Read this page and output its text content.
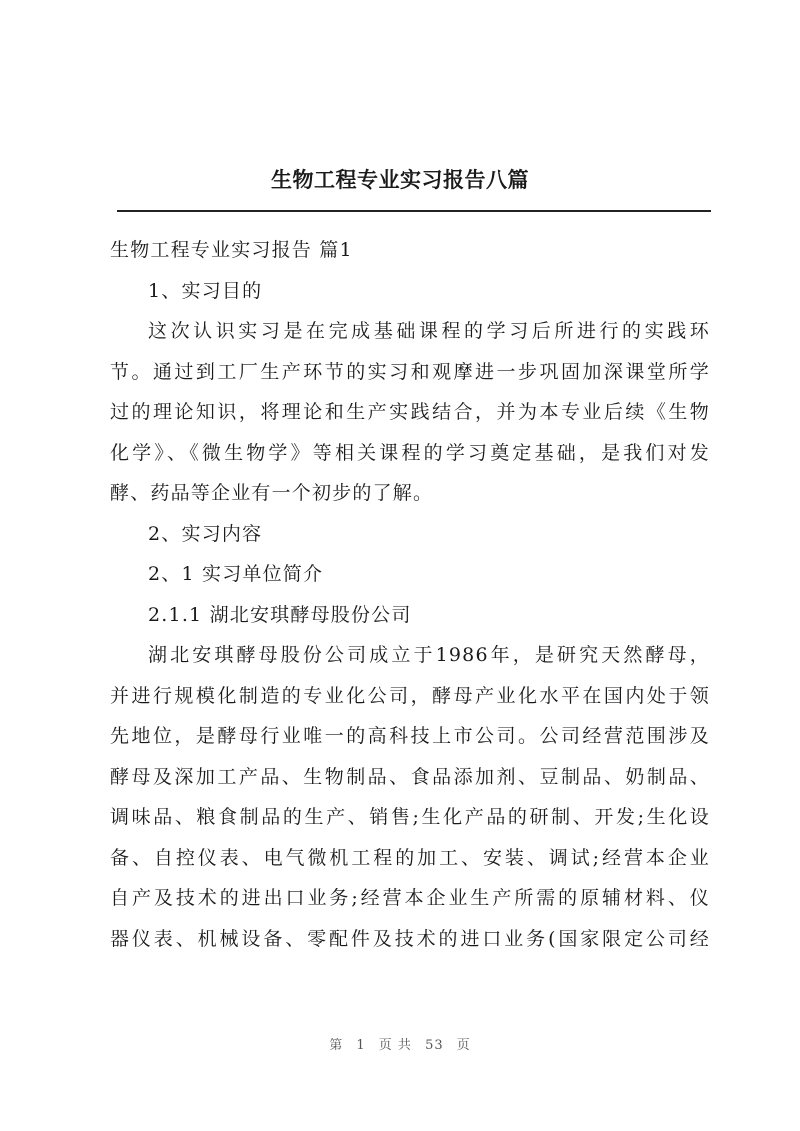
生物工程专业实习报告八篇
生物工程专业实习报告 篇1
1、实习目的
这次认识实习是在完成基础课程的学习后所进行的实践环
节。通过到工厂生产环节的实习和观摩进一步巩固加深课堂所学
过的理论知识，将理论和生产实践结合，并为本专业后续《生物
化学》、《微生物学》等相关课程的学习奠定基础，是我们对发
酵、药品等企业有一个初步的了解。
2、实习内容
2、1 实习单位简介
2.1.1 湖北安琪酵母股份公司
湖北安琪酵母股份公司成立于1986年，是研究天然酵母，
并进行规模化制造的专业化公司，酵母产业化水平在国内处于领
先地位，是酵母行业唯一的高科技上市公司。公司经营范围涉及
酵母及深加工产品、生物制品、食品添加剂、豆制品、奶制品、
调味品、粮食制品的生产、销售;生化产品的研制、开发;生化设
备、自控仪表、电气微机工程的加工、安装、调试;经营本企业
自产及技术的进出口业务;经营本企业生产所需的原辅材料、仪
器仪表、机械设备、零配件及技术的进口业务(国家限定公司经
第 1 页 共 53 页
